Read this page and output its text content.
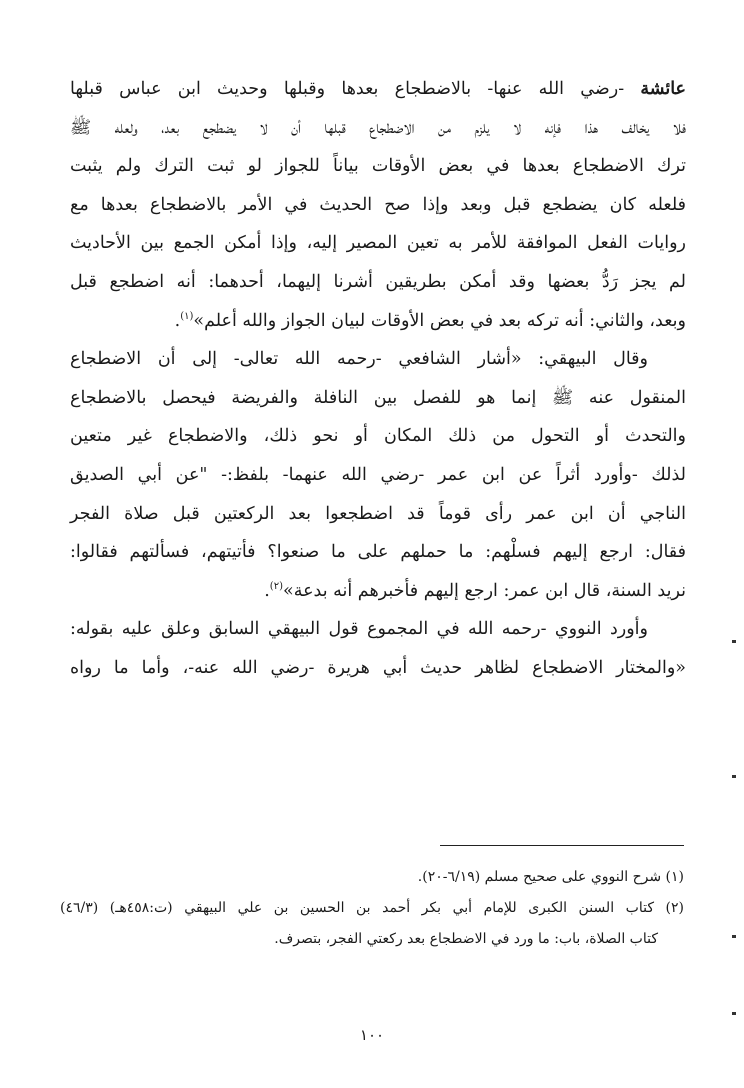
عائشة -رضي الله عنها- بالاضطجاع بعدها وقبلها وحديث ابن عباس قبلها
فلا يخالف هذا فإنه لا يلزم من الاضطجاع قبلها أن لا يضطجع بعد، ولعله ﷺ
ترك الاضطجاع بعدها في بعض الأوقات بياناً للجواز لو ثبت الترك ولم يثبت
فلعله كان يضطجع قبل وبعد وإذا صح الحديث في الأمر بالاضطجاع بعدها مع
روايات الفعل الموافقة للأمر به تعين المصير إليه، وإذا أمكن الجمع بين الأحاديث
لم يجز رَدُّ بعضها وقد أمكن بطريقين أشرنا إليهما، أحدهما: أنه اضطجع قبل
وبعد، والثاني: أنه تركه بعد في بعض الأوقات لبيان الجواز والله أعلم»$^{(١)}$.
وقال البيهقي: «أشار الشافعي -رحمه الله تعالى- إلى أن الاضطجاع
المنقول عنه ﷺ إنما هو للفصل بين النافلة والفريضة فيحصل بالاضطجاع
والتحدث أو التحول من ذلك المكان أو نحو ذلك، والاضطجاع غير متعين
لذلك -وأورد أثراً عن ابن عمر -رضي الله عنهما- بلفظ:- "عن أبي الصديق
الناجي أن ابن عمر رأى قوماً قد اضطجعوا بعد الركعتين قبل صلاة الفجر
فقال: ارجع إليهم فسلْهم: ما حملهم على ما صنعوا؟ فأتيتهم، فسألتهم فقالوا:
نريد السنة، قال ابن عمر: ارجع إليهم فأخبرهم أنه بدعة»$^{(٢)}$.
وأورد النووي -رحمه الله في المجموع قول البيهقي السابق وعلق عليه بقوله:
«والمختار الاضطجاع لظاهر حديث أبي هريرة -رضي الله عنه-، وأما ما رواه
(١) شرح النووي على صحيح مسلم (٦/١٩-٢٠).
(٢) كتاب السنن الكبرى للإمام أبي بكر أحمد بن الحسين بن علي البيهقي (ت:٤٥٨هـ) (٤٦/٣)
كتاب الصلاة، باب: ما ورد في الاضطجاع بعد ركعتي الفجر، بتصرف.
١٠٠
